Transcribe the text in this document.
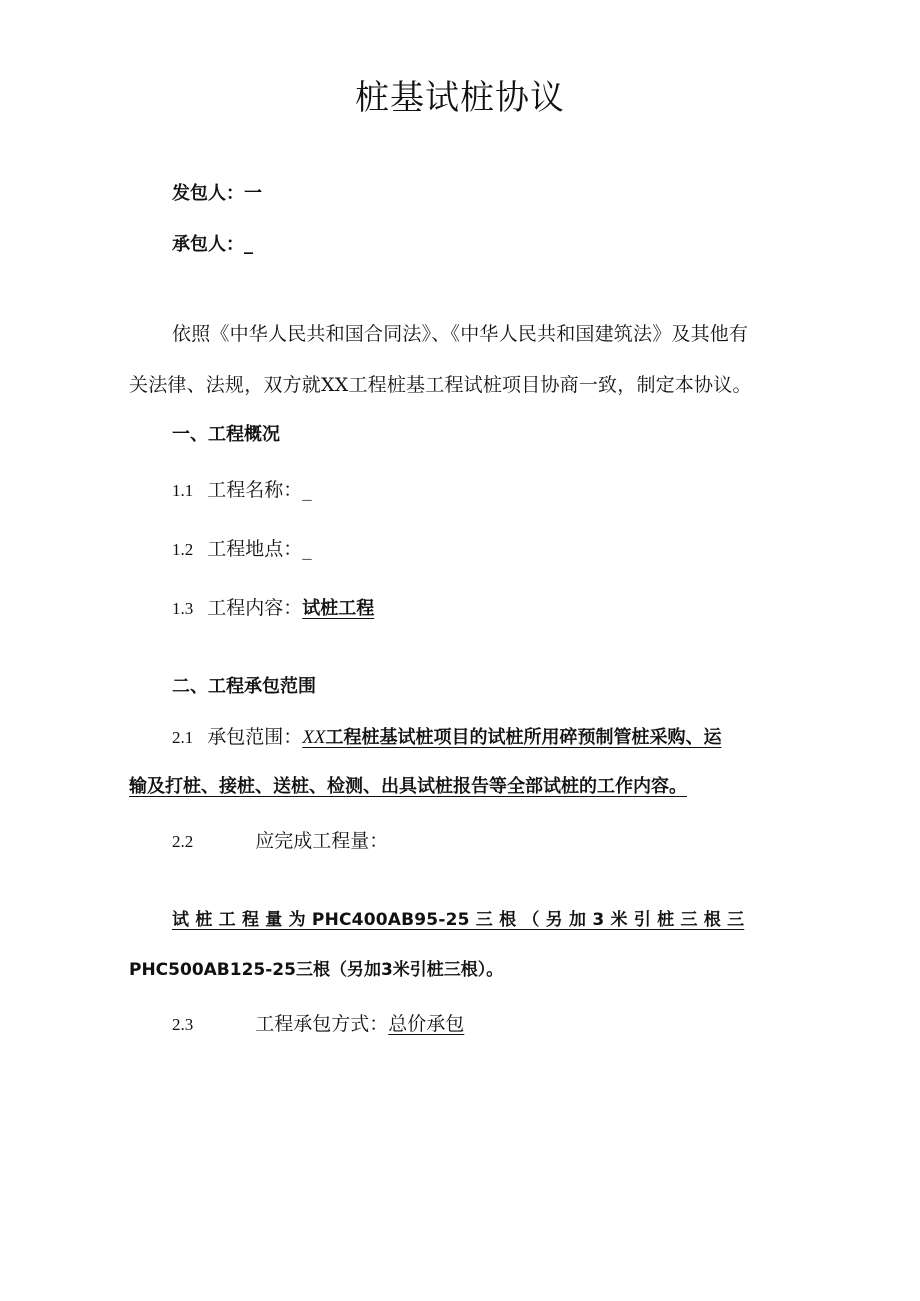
桩基试桩协议
发包人：一
承包人：_
依照《中华人民共和国合同法》、《中华人民共和国建筑法》及其他有
关法律、法规，双方就XX工程桩基工程试桩项目协商一致，制定本协议。
一、工程概况
1.1 工程名称：_
1.2 工程地点：_
1.3 工程内容：试桩工程
二、工程承包范围
2.1 承包范围：XX工程桩基试桩项目的试桩所用碎预制管桩采购、运
输及打桩、接桩、送桩、检测、出具试桩报告等全部试桩的工作内容。
2.2	应完成工程量：
试 桩 工 程 量 为 PHC400AB95-25 三 根 （ 另 加 3 米 引 桩 三 根 三
PHC500AB125-25三根（另加3米引桩三根）。
2.3	工程承包方式：总价承包
